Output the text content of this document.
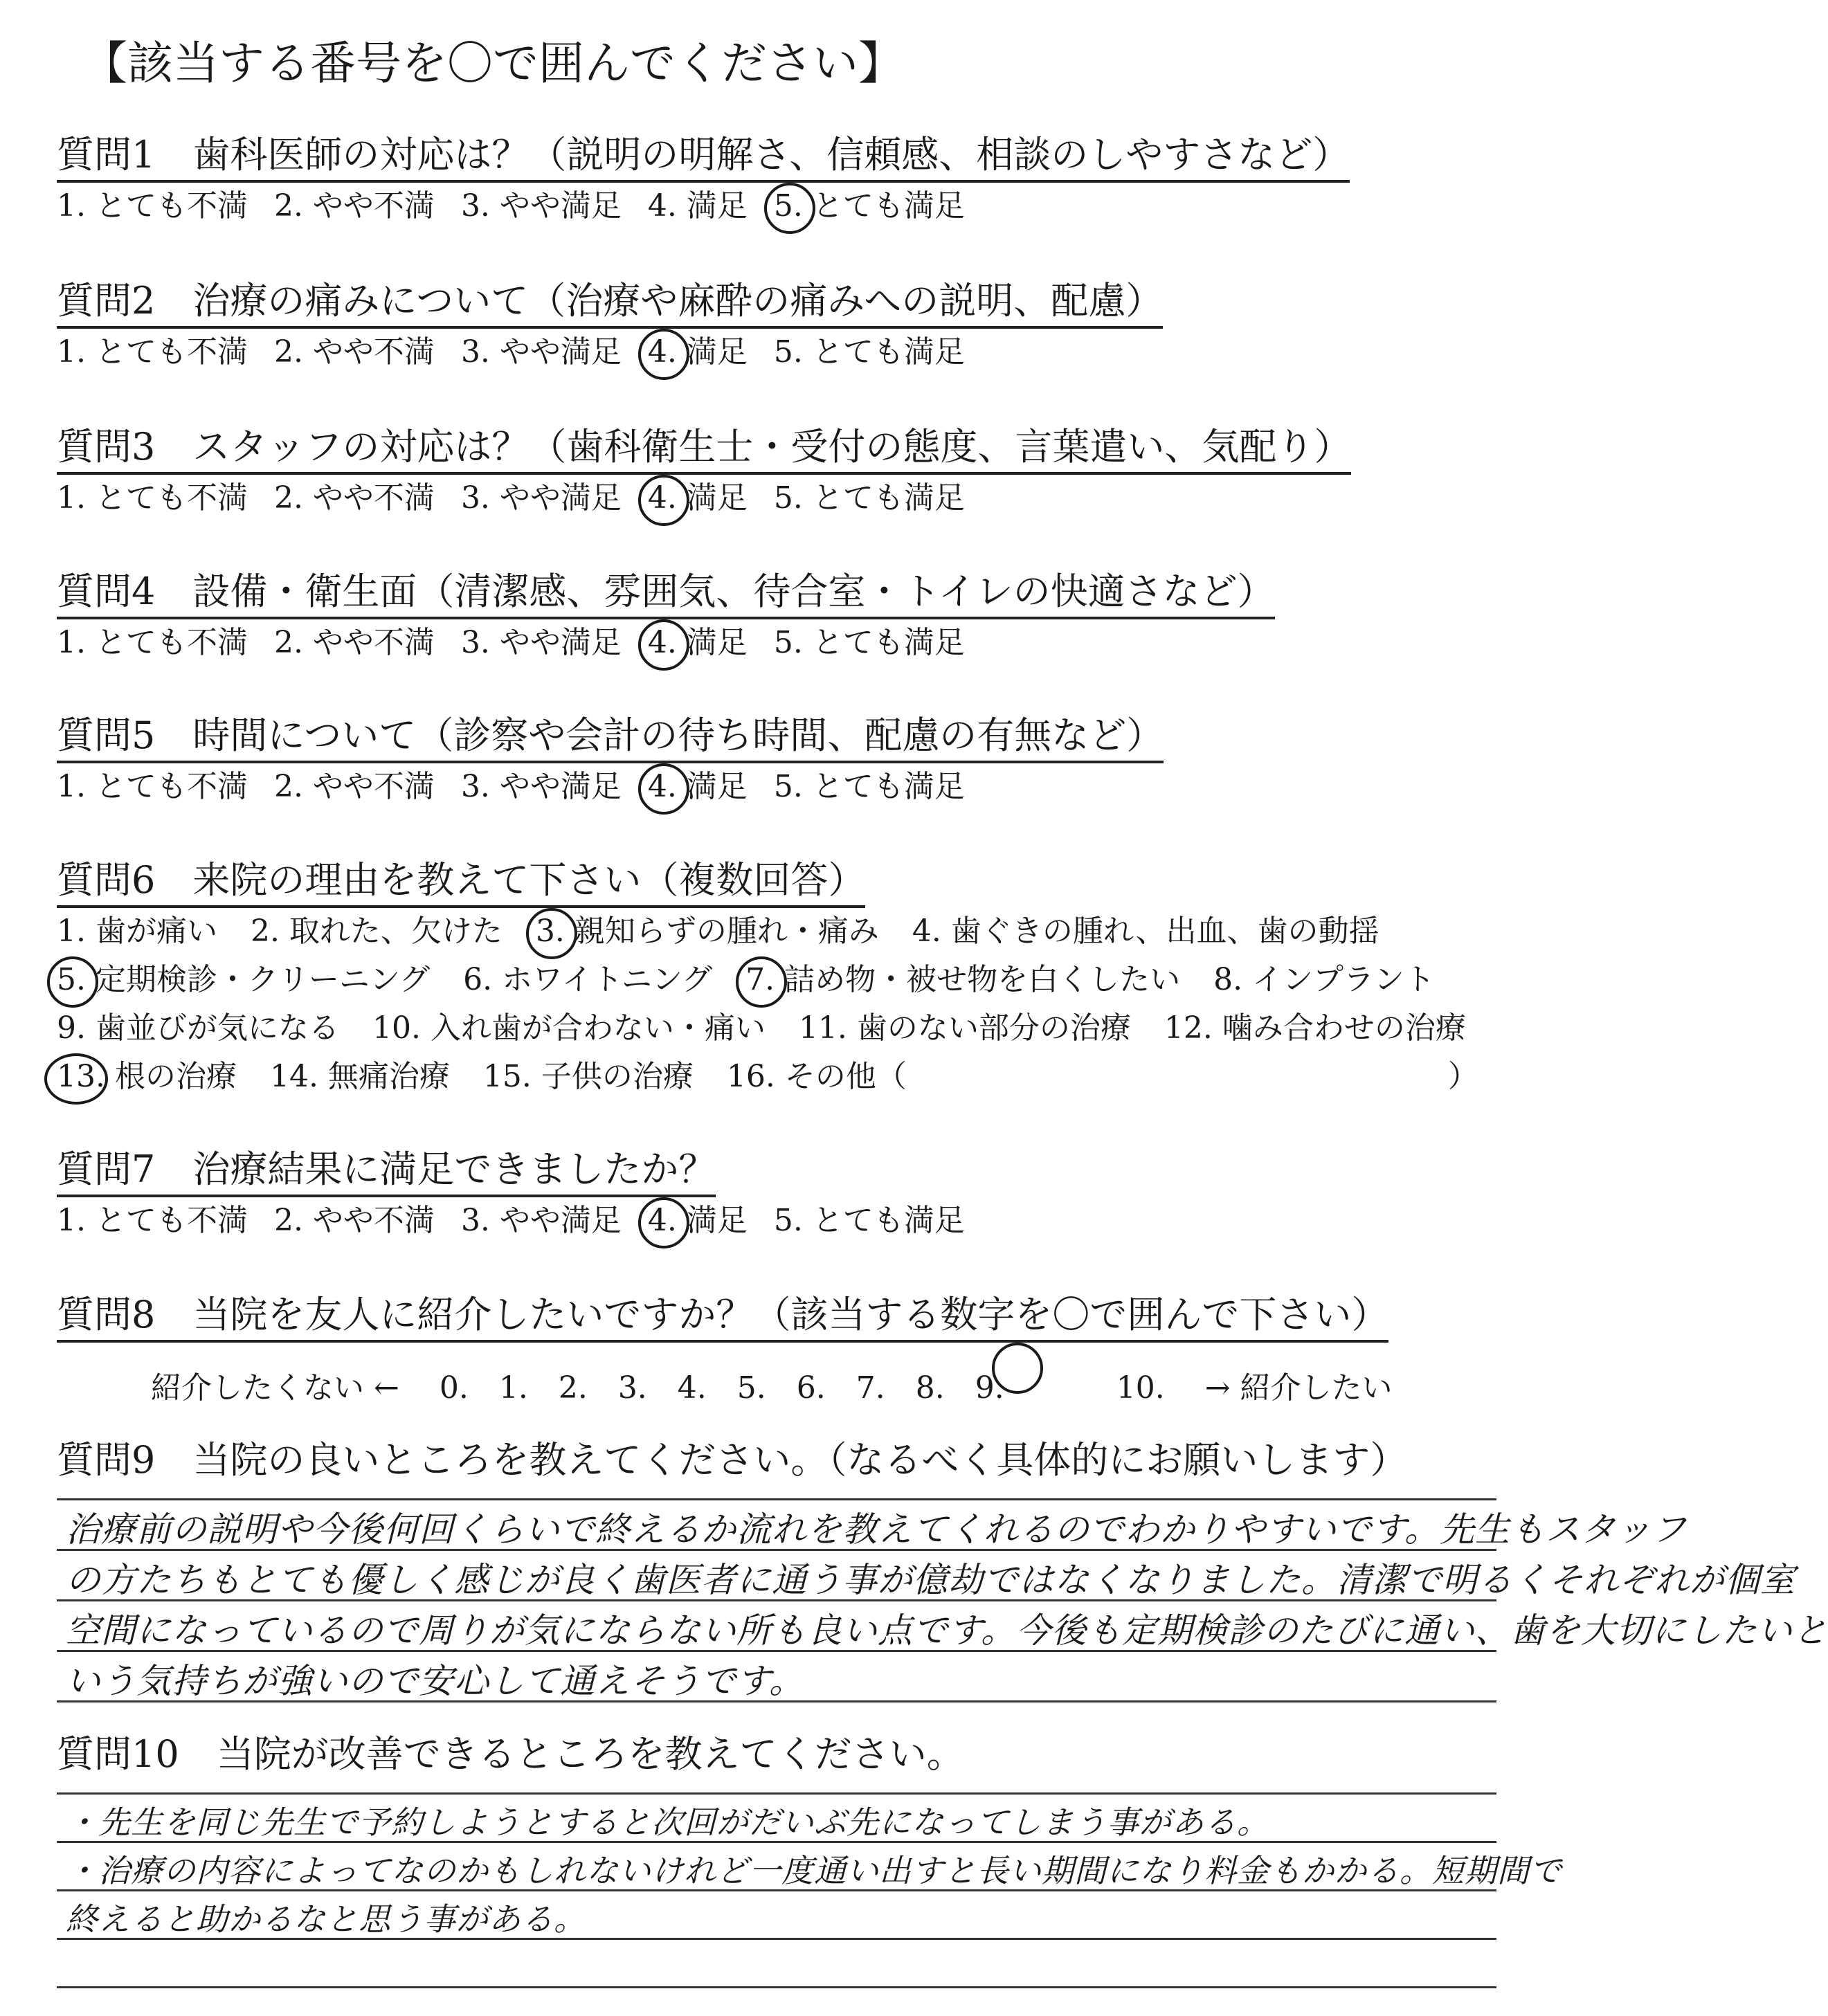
【該当する番号を〇で囲んでください】
質問1　歯科医師の対応は？（説明の明解さ、信頼感、相談のしやすさなど）
1. とても不満 2. やや不満 3. やや満足 4. 満足 5. とても満足
質問2　治療の痛みについて（治療や麻酔の痛みへの説明、配慮）
1. とても不満 2. やや不満 3. やや満足 4. 満足 5. とても満足
質問3　スタッフの対応は？（歯科衛生士・受付の態度、言葉遣い、気配り）
1. とても不満 2. やや不満 3. やや満足 4. 満足 5. とても満足
質問4　設備・衛生面（清潔感、雰囲気、待合室・トイレの快適さなど）
1. とても不満 2. やや不満 3. やや満足 4. 満足 5. とても満足
質問5　時間について（診察や会計の待ち時間、配慮の有無など）
1. とても不満 2. やや不満 3. やや満足 4. 満足 5. とても満足
質問6　来院の理由を教えて下さい（複数回答）
1. 歯が痛い 2. 取れた、欠けた 3. 親知らずの腫れ・痛み 4. 歯ぐきの腫れ、出血、歯の動揺
5. 定期検診・クリーニング 6. ホワイトニング 7. 詰め物・被せ物を白くしたい 8. インプラント
9. 歯並びが気になる 10. 入れ歯が合わない・痛い 11. 歯のない部分の治療 12. 噛み合わせの治療
13. 根の治療 14. 無痛治療 15. 子供の治療 16. その他（	）
質問7　治療結果に満足できましたか？
1. とても不満 2. やや不満 3. やや満足 4. 満足 5. とても満足
質問8　当院を友人に紹介したいですか？（該当する数字を〇で囲んで下さい）
紹介したくない ← 0. 1. 2. 3. 4. 5. 6. 7. 8. 9.	10. → 紹介したい
質問9　当院の良いところを教えてください。（なるべく具体的にお願いします）
治療前の説明や今後何回くらいで終えるか流れを教えてくれるのでわかりやすいです。先生もスタッフ
の方たちもとても優しく感じが良く歯医者に通う事が億劫ではなくなりました。清潔で明るくそれぞれが個室
空間になっているので周りが気にならない所も良い点です。今後も定期検診のたびに通い、歯を大切にしたいと
いう気持ちが強いので安心して通えそうです。
質問10　当院が改善できるところを教えてください。
・先生を同じ先生で予約しようとすると次回がだいぶ先になってしまう事がある。
・治療の内容によってなのかもしれないけれど一度通い出すと長い期間になり料金もかかる。短期間で
終えると助かるなと思う事がある。
